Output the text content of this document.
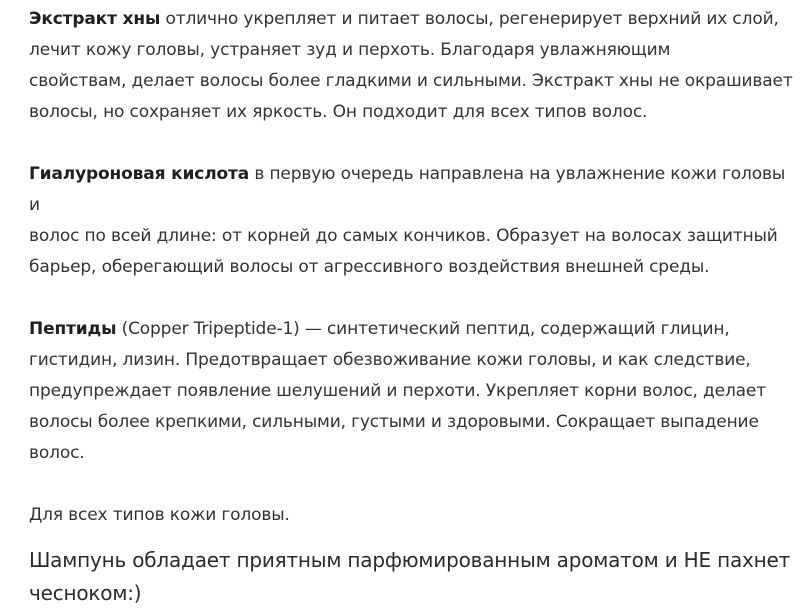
Экстракт хны отлично укрепляет и питает волосы, регенерирует верхний их слой,
лечит кожу головы, устраняет зуд и перхоть. Благодаря увлажняющим
свойствам, делает волосы более гладкими и сильными. Экстракт хны не окрашивает
волосы, но сохраняет их яркость. Он подходит для всех типов волос.

Гиалуроновая кислота в первую очередь направлена на увлажнение кожи головы и
волос по всей длине: от корней до самых кончиков. Образует на волосах защитный
барьер, оберегающий волосы от агрессивного воздействия внешней среды.

Пептиды (Copper Tripeptide-1) — синтетический пептид, содержащий глицин,
гистидин, лизин. Предотвращает обезвоживание кожи головы, и как следствие,
предупреждает появление шелушений и перхоти. Укрепляет корни волос, делает
волосы более крепкими, сильными, густыми и здоровыми. Сокращает выпадение
волос.

Для всех типов кожи головы.

Шампунь обладает приятным парфюмированным ароматом и НЕ пахнет
чесноком:)
